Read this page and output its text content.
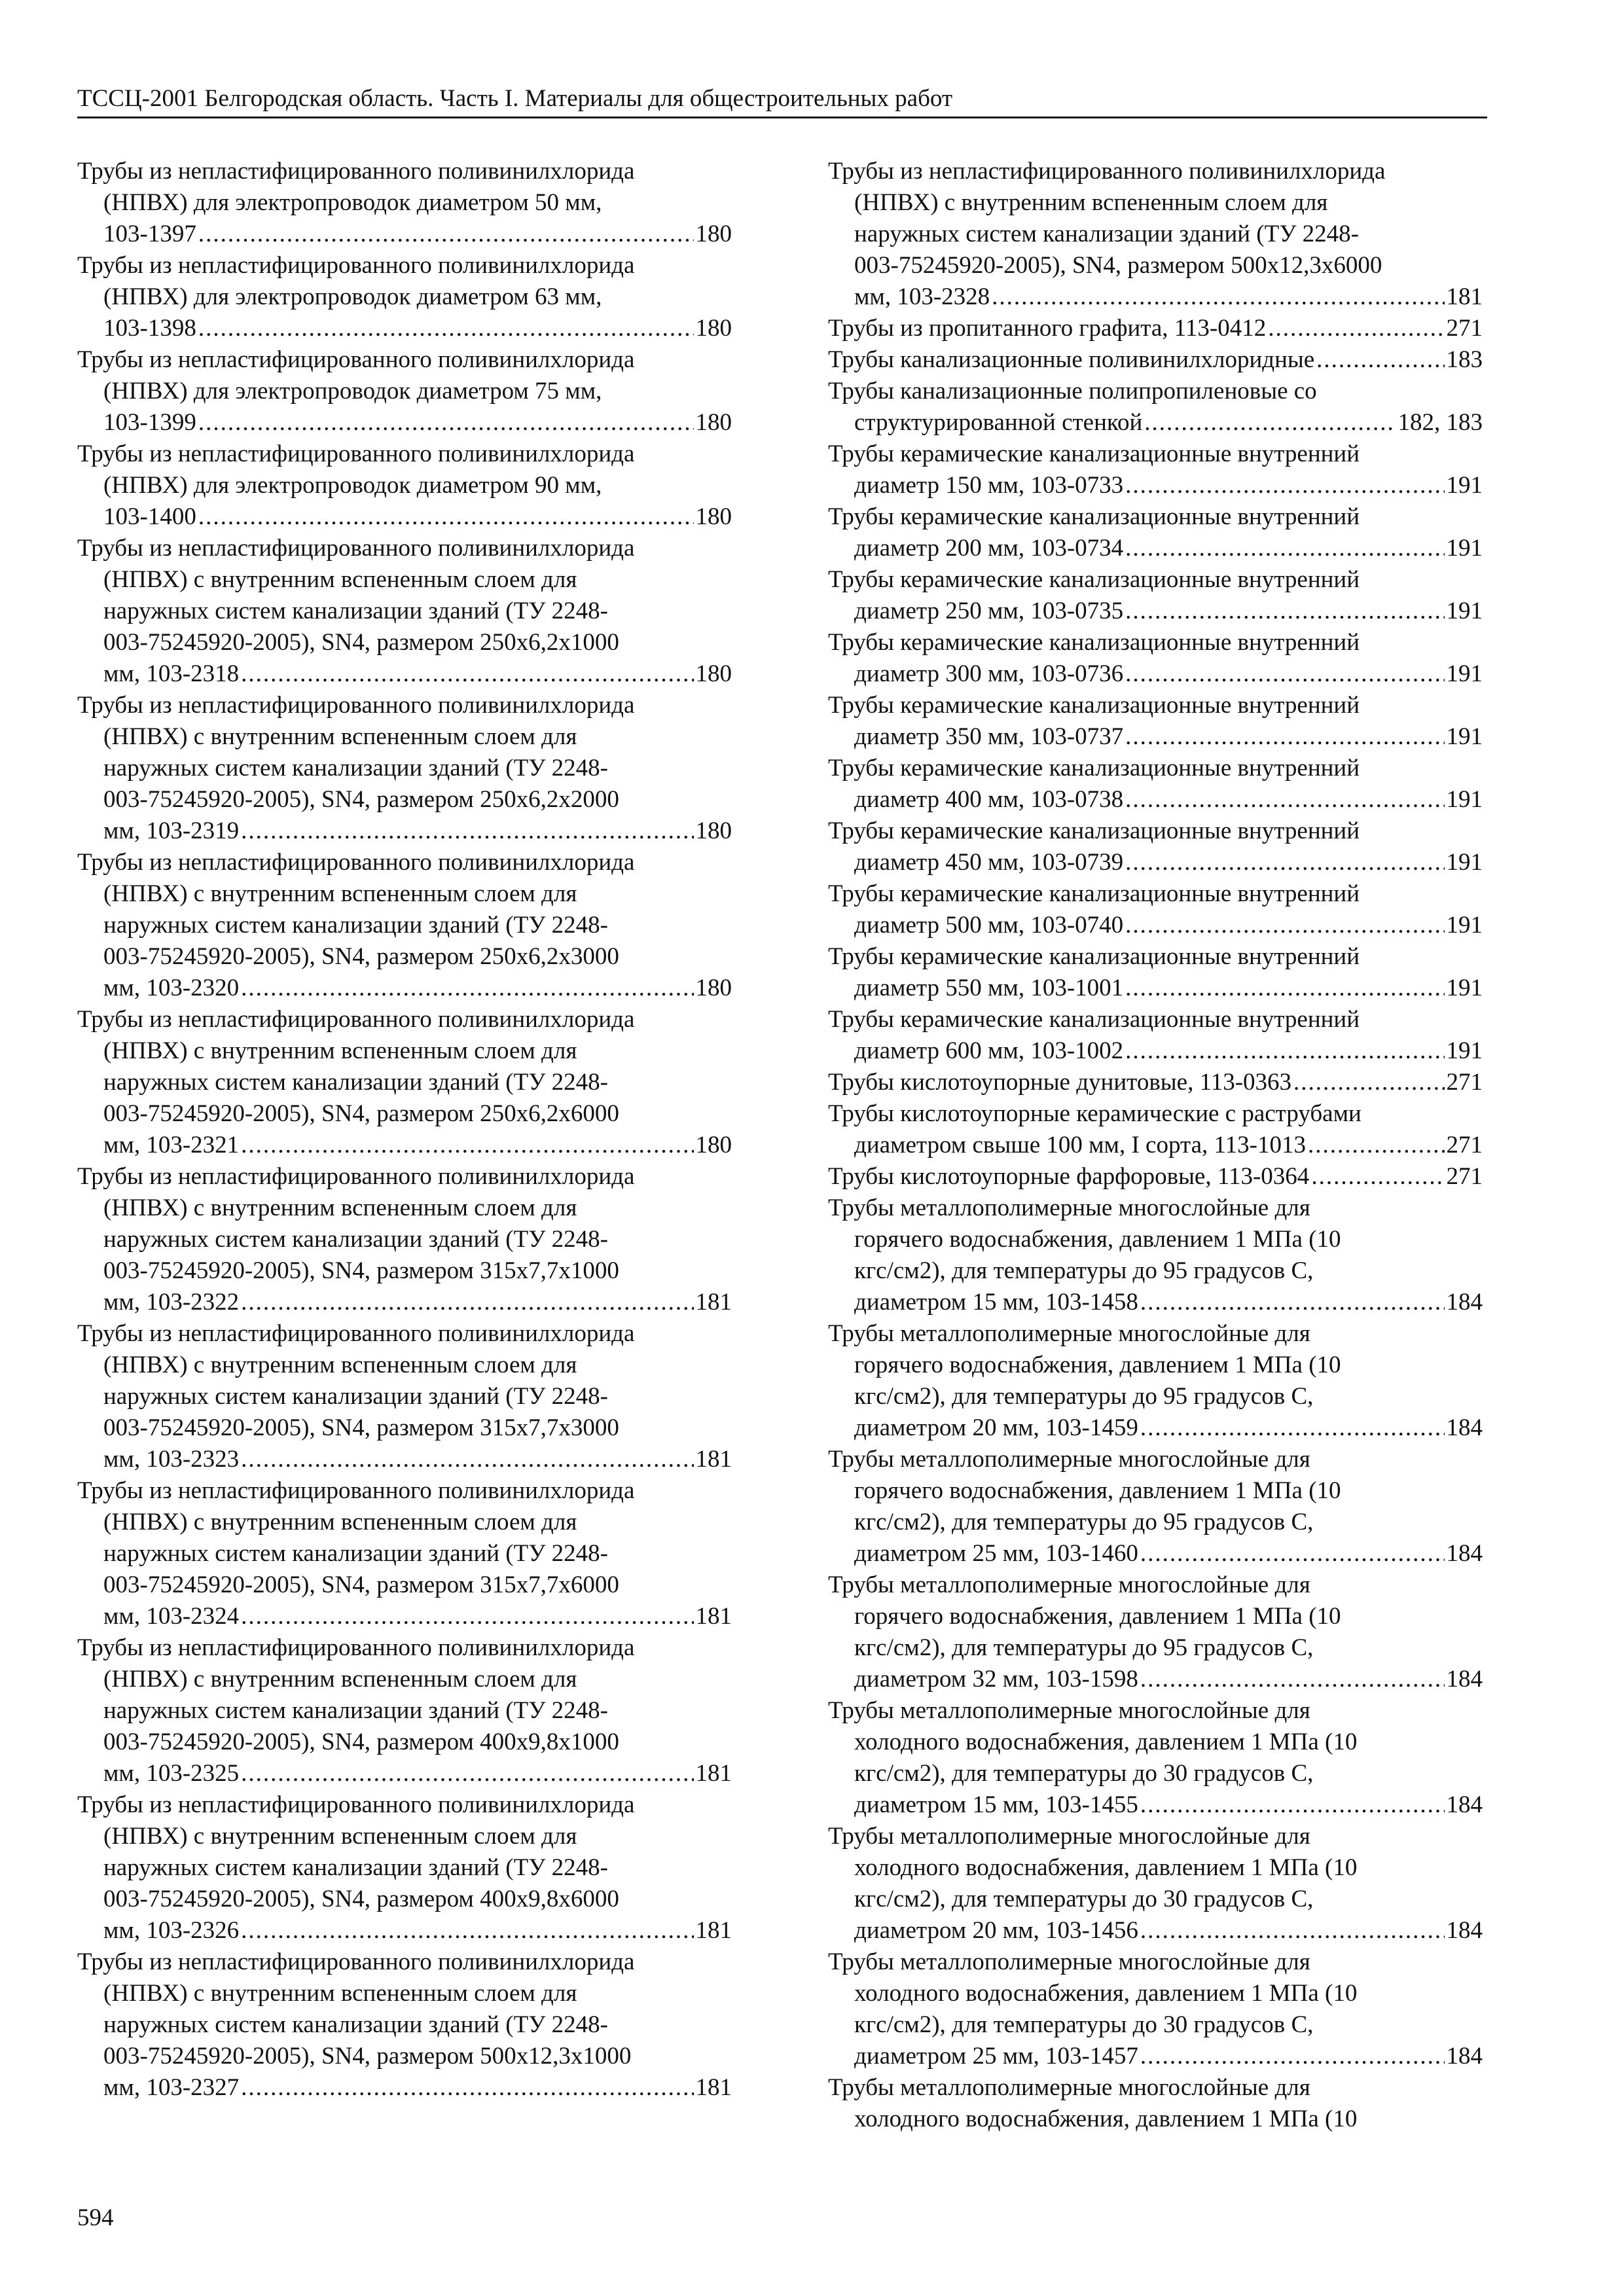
ТССЦ-2001 Белгородская область. Часть I. Материалы для общестроительных работ
Трубы из непластифицированного поливинилхлорида
(НПВХ) для электропроводок диаметром 50 мм,
103-1397 .....	180
Трубы из непластифицированного поливинилхлорида
(НПВХ) для электропроводок диаметром 63 мм,
103-1398 .....	180
Трубы из непластифицированного поливинилхлорида
(НПВХ) для электропроводок диаметром 75 мм,
103-1399 .....	180
Трубы из непластифицированного поливинилхлорида
(НПВХ) для электропроводок диаметром 90 мм,
103-1400 .....	180
Трубы из непластифицированного поливинилхлорида
(НПВХ) с внутренним вспененным слоем для
наружных систем канализации зданий (ТУ 2248-
003-75245920-2005), SN4, размером 250х6,2х1000
мм, 103-2318 .....	180
Трубы из непластифицированного поливинилхлорида
(НПВХ) с внутренним вспененным слоем для
наружных систем канализации зданий (ТУ 2248-
003-75245920-2005), SN4, размером 250х6,2х2000
мм, 103-2319 .....	180
Трубы из непластифицированного поливинилхлорида
(НПВХ) с внутренним вспененным слоем для
наружных систем канализации зданий (ТУ 2248-
003-75245920-2005), SN4, размером 250х6,2х3000
мм, 103-2320 .....	180
Трубы из непластифицированного поливинилхлорида
(НПВХ) с внутренним вспененным слоем для
наружных систем канализации зданий (ТУ 2248-
003-75245920-2005), SN4, размером 250х6,2х6000
мм, 103-2321 .....	180
Трубы из непластифицированного поливинилхлорида
(НПВХ) с внутренним вспененным слоем для
наружных систем канализации зданий (ТУ 2248-
003-75245920-2005), SN4, размером 315х7,7х1000
мм, 103-2322 .....	181
Трубы из непластифицированного поливинилхлорида
(НПВХ) с внутренним вспененным слоем для
наружных систем канализации зданий (ТУ 2248-
003-75245920-2005), SN4, размером 315х7,7х3000
мм, 103-2323 .....	181
Трубы из непластифицированного поливинилхлорида
(НПВХ) с внутренним вспененным слоем для
наружных систем канализации зданий (ТУ 2248-
003-75245920-2005), SN4, размером 315х7,7х6000
мм, 103-2324 .....	181
Трубы из непластифицированного поливинилхлорида
(НПВХ) с внутренним вспененным слоем для
наружных систем канализации зданий (ТУ 2248-
003-75245920-2005), SN4, размером 400х9,8х1000
мм, 103-2325 .....	181
Трубы из непластифицированного поливинилхлорида
(НПВХ) с внутренним вспененным слоем для
наружных систем канализации зданий (ТУ 2248-
003-75245920-2005), SN4, размером 400х9,8х6000
мм, 103-2326 .....	181
Трубы из непластифицированного поливинилхлорида
(НПВХ) с внутренним вспененным слоем для
наружных систем канализации зданий (ТУ 2248-
003-75245920-2005), SN4, размером 500х12,3х1000
мм, 103-2327 .....	181
Трубы из непластифицированного поливинилхлорида
(НПВХ) с внутренним вспененным слоем для
наружных систем канализации зданий (ТУ 2248-
003-75245920-2005), SN4, размером 500х12,3х6000
мм, 103-2328 .....	181
Трубы из пропитанного графита, 113-0412 .....	271
Трубы канализационные поливинилхлоридные .....	183
Трубы канализационные полипропиленовые со
структурированной стенкой .....	182, 183
Трубы керамические канализационные внутренний
диаметр 150 мм, 103-0733 .....	191
Трубы керамические канализационные внутренний
диаметр 200 мм, 103-0734 .....	191
Трубы керамические канализационные внутренний
диаметр 250 мм, 103-0735 .....	191
Трубы керамические канализационные внутренний
диаметр 300 мм, 103-0736 .....	191
Трубы керамические канализационные внутренний
диаметр 350 мм, 103-0737 .....	191
Трубы керамические канализационные внутренний
диаметр 400 мм, 103-0738 .....	191
Трубы керамические канализационные внутренний
диаметр 450 мм, 103-0739 .....	191
Трубы керамические канализационные внутренний
диаметр 500 мм, 103-0740 .....	191
Трубы керамические канализационные внутренний
диаметр 550 мм, 103-1001 .....	191
Трубы керамические канализационные внутренний
диаметр 600 мм, 103-1002 .....	191
Трубы кислотоупорные дунитовые, 113-0363 .....	271
Трубы кислотоупорные керамические с раструбами
диаметром свыше 100 мм, I сорта, 113-1013 .....	271
Трубы кислотоупорные фарфоровые, 113-0364 .....	271
Трубы металлополимерные многослойные для
горячего водоснабжения, давлением 1 МПа (10
кгс/см2), для температуры до 95 градусов С,
диаметром 15 мм, 103-1458 .....	184
Трубы металлополимерные многослойные для
горячего водоснабжения, давлением 1 МПа (10
кгс/см2), для температуры до 95 градусов С,
диаметром 20 мм, 103-1459 .....	184
Трубы металлополимерные многослойные для
горячего водоснабжения, давлением 1 МПа (10
кгс/см2), для температуры до 95 градусов С,
диаметром 25 мм, 103-1460 .....	184
Трубы металлополимерные многослойные для
горячего водоснабжения, давлением 1 МПа (10
кгс/см2), для температуры до 95 градусов С,
диаметром 32 мм, 103-1598 .....	184
Трубы металлополимерные многослойные для
холодного водоснабжения, давлением 1 МПа (10
кгс/см2), для температуры до 30 градусов С,
диаметром 15 мм, 103-1455 .....	184
Трубы металлополимерные многослойные для
холодного водоснабжения, давлением 1 МПа (10
кгс/см2), для температуры до 30 градусов С,
диаметром 20 мм, 103-1456 .....	184
Трубы металлополимерные многослойные для
холодного водоснабжения, давлением 1 МПа (10
кгс/см2), для температуры до 30 градусов С,
диаметром 25 мм, 103-1457 .....	184
Трубы металлополимерные многослойные для
холодного водоснабжения, давлением 1 МПа (10
594
